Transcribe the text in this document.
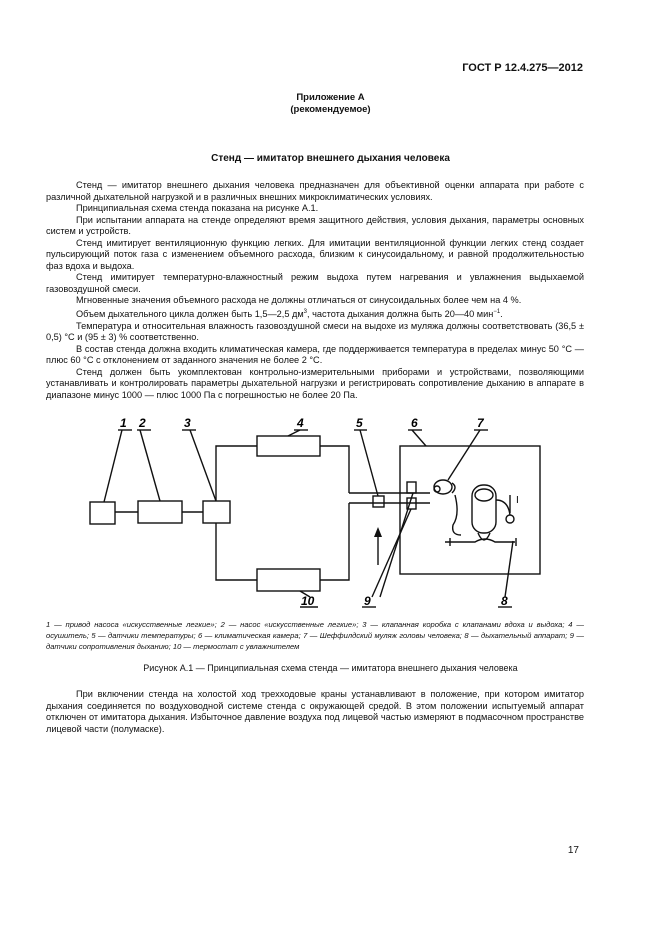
ГОСТ Р 12.4.275—2012
Приложение А
(рекомендуемое)
Стенд — имитатор внешнего дыхания человека

Стенд — имитатор внешнего дыхания человека предназначен для объективной оценки аппарата при работе с различной дыхательной нагрузкой и в различных внешних микроклиматических условиях.

Принципиальная схема стенда показана на рисунке А.1.

При испытании аппарата на стенде определяют время защитного действия, условия дыхания, параметры основных систем и устройств.

Стенд имитирует вентиляционную функцию легких. Для имитации вентиляционной функции легких стенд создает пульсирующий поток газа с изменением объемного расхода, близким к синусоидальному, и равной продолжительностью фаз вдоха и выдоха.

Стенд имитирует температурно-влажностный режим выдоха путем нагревания и увлажнения выдыхаемой газовоздушной смеси.

Мгновенные значения объемного расхода не должны отличаться от синусоидальных более чем на 4 %.

Объем дыхательного цикла должен быть 1,5—2,5 $дм^3$, частота дыхания должна быть 20—40 мин$^{-1}$.

Температура и относительная влажность газовоздушной смеси на выдохе из муляжа должны соответствовать (36,5 ± 0,5) °С и (95 ± 3) % соответственно.

В состав стенда должна входить климатическая камера, где поддерживается температура в пределах минус 50 °С — плюс 60 °С с отклонением от заданного значения не более 2 °С.

Стенд должен быть укомплектован контрольно-измерительными приборами и устройствами, позволяющими устанавливать и контролировать параметры дыхательной нагрузки и регистрировать сопротивление дыханию в аппарате в диапазоне минус 1000 — плюс 1000 Па с погрешностью не более 20 Па.

1 2	3	4	5	6	7
8
9
10
I
1 — привод насоса «искусственные легкие»; 2 — насос «искусственные легкие»; 3 — клапанная коробка с клапанами вдоха и выдоха; 4 — осушитель; 5 — датчики температуры; 6 — климатическая камера; 7 — Шеффилдский муляж головы человека; 8 — дыхательный аппарат; 9 — датчики сопротивления дыханию; 10 — термостат с увлажнителем
Рисунок А.1 — Принципиальная схема стенда — имитатора внешнего дыхания человека

При включении стенда на холостой ход трехходовые краны устанавливают в положение, при котором имитатор дыхания соединяется по воздуховодной системе стенда с окружающей средой. В этом положении испытуемый аппарат отключен от имитатора дыхания. Избыточное давление воздуха под лицевой частью измеряют в подмасочном пространстве лицевой части (полумаске).

17
